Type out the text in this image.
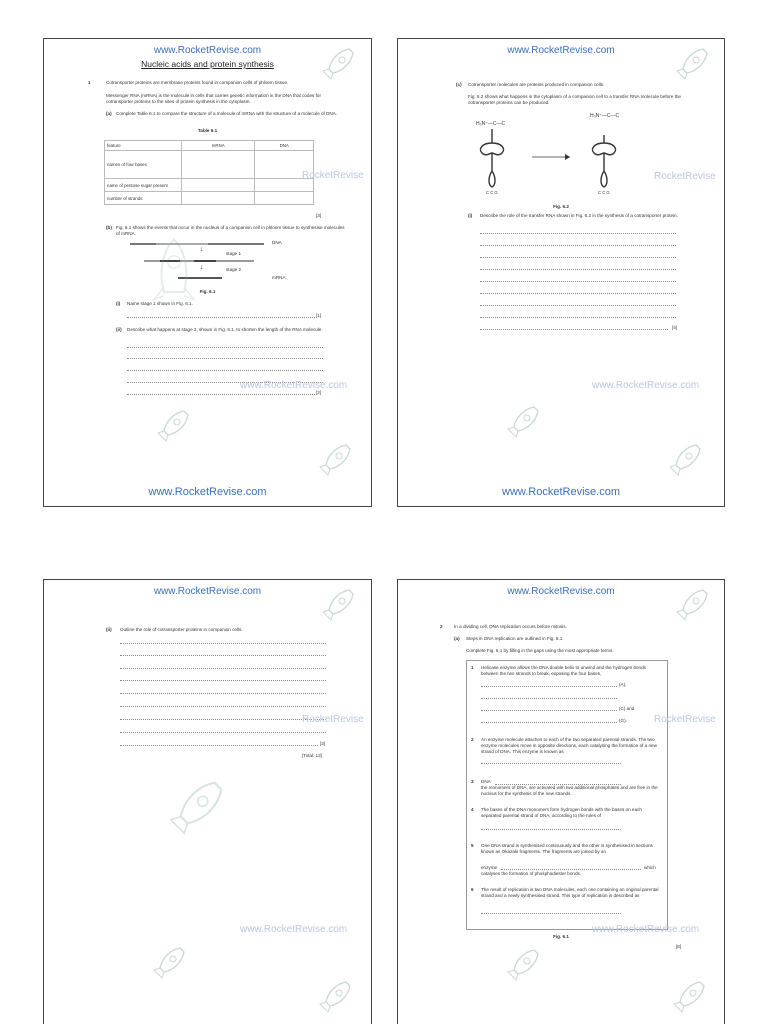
www.RocketRevise.com
Nucleic acids and protein synthesis
1	Cotransporter proteins are membrane proteins found in companion cells of phloem tissue.
Messenger RNA (mRNA) is the molecule in cells that carries genetic information in the DNA that codes for cotransporter proteins to the sites of protein synthesis in the cytoplasm.
(a) Complete Table 6.1 to compare the structure of a molecule of mRNA with the structure of a molecule of DNA.
Table 6.1
feature	mRNA	DNA
names of four bases		
name of pentose sugar present		
number of strands		
RocketRevise
[3]
(b) Fig. 6.1 shows the events that occur in the nucleus of a companion cell in phloem tissue to synthesise molecules of mRNA.
DNA
↓
stage 1
↓	stage 2
mRNA
Fig. 6.1
(i) Name stage 1 shown in Fig. 6.1.
[1]
(ii) Describe what happens at stage 2, shown in Fig. 6.1, to shorten the length of the RNA molecule.
[2]
www.RocketRevise.com
www.RocketRevise.com
www.RocketRevise.com
(c) Cotransporter molecules are proteins produced in companion cells.
Fig. 6.2 shows what happens in the cytoplasm of a companion cell to a transfer RNA molecule before the cotransporter proteins can be produced.
H₃N⁺—C—C
H₃N⁺—C—C
C C G	C C G
Fig. 6.2
RocketRevise
(i) Describe the role of the transfer RNA shown in Fig. 6.2 in the synthesis of a cotransporter protein.
[4]
www.RocketRevise.com
www.RocketRevise.com
www.RocketRevise.com
(ii) Outline the role of cotransporter proteins in companion cells.
[3]
[Total: 13]
RocketRevise
www.RocketRevise.com
www.RocketRevise.com
2 In a dividing cell, DNA replication occurs before mitosis.
(a) Steps in DNA replication are outlined in Fig. 6.1.
Complete Fig. 6.1 by filling in the gaps using the most appropriate terms.
1 Helicase enzyme allows the DNA double helix to unwind and the hydrogen bonds between the two strands to break, exposing the four bases,
(A),
(C) and
(G).
2 An enzyme molecule attaches to each of the two separated parental strands. The two enzyme molecules move in opposite directions, each catalysing the formation of a new strand of DNA. This enzyme is known as
3 DNA
the monomers of DNA, are activated with two additional phosphates and are free in the nucleus for the synthesis of the new strands.
4 The bases of the DNA monomers form hydrogen bonds with the bases on each separated parental strand of DNA, according to the rules of
5 One DNA strand is synthesised continuously and the other is synthesised in sections known as Okazaki fragments. The fragments are joined by an
enzyme	which
catalyses the formation of phosphodiester bonds.
6 The result of replication is two DNA molecules, each one containing an original parental strand and a newly synthesised strand. This type of replication is described as
Fig. 6.1
[8]
RocketRevise
www.RocketRevise.com
